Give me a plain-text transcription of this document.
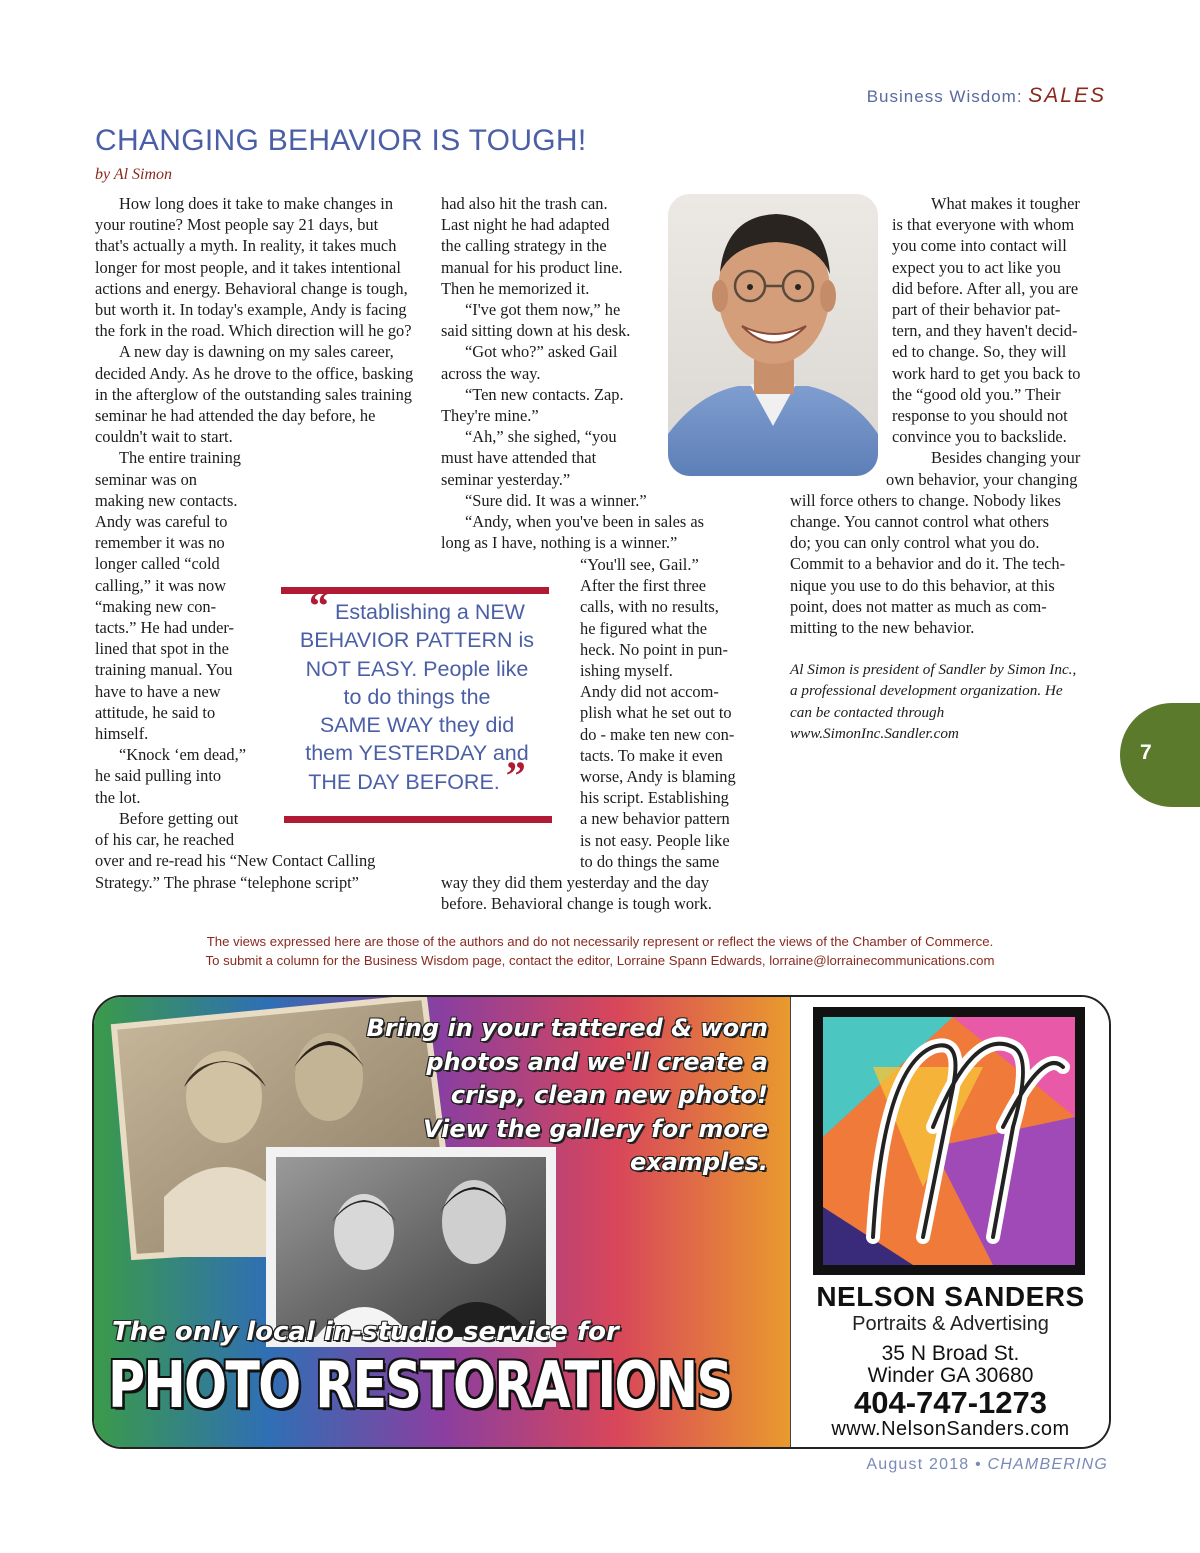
Business Wisdom: SALES
CHANGING BEHAVIOR IS TOUGH!
by Al Simon

How long does it take to make changes in your routine? Most people say 21 days, but that's actually a myth. In reality, it takes much longer for most people, and it takes intentional actions and energy. Behavioral change is tough, but worth it. In today's example, Andy is facing the fork in the road. Which direction will he go?

A new day is dawning on my sales career, decided Andy. As he drove to the office, basking in the afterglow of the outstanding sales training seminar he had attended the day before, he couldn't wait to start.

The entire training seminar was on making new contacts. Andy was careful to remember it was no

longer called “cold
calling,” it was now
“making new con-
tacts.” He had under-
lined that spot in the
training manual. You
have to have a new
attitude, he said to
himself.
“Knock ‘em dead,”
he said pulling into
the lot.
Before getting out
of his car, he reached
over and re-read his “New Contact Calling
Strategy.” The phrase “telephone script”
had also hit the trash can.
Last night he had adapted
the calling strategy in the
manual for his product line.
Then he memorized it.
“I've got them now,” he
said sitting down at his desk.
“Got who?” asked Gail
across the way.
“Ten new contacts. Zap.
They're mine.”
“Ah,” she sighed, “you
must have attended that
seminar yesterday.”
“Sure did. It was a winner.”
“Andy, when you've been in sales as
long as I have, nothing is a winner.”
“You'll see, Gail.”
After the first three
calls, with no results,
he figured what the
heck. No point in pun-
ishing myself.
Andy did not accom-
plish what he set out to
do - make ten new con-
tacts. To make it even
worse, Andy is blaming
his script. Establishing
a new behavior pattern
is not easy. People like
to do things the same
way they did them yesterday and the day
before. Behavioral change is tough work.
What makes it tougher
is that everyone with whom
you come into contact will
expect you to act like you
did before. After all, you are
part of their behavior pat-
tern, and they haven't decid-
ed to change. So, they will
work hard to get you back to
the “good old you.” Their
response to you should not
convince you to backslide.
Besides changing your
own behavior, your changing
will force others to change. Nobody likes
change. You cannot control what others
do; you can only control what you do.
Commit to a behavior and do it. The tech-
nique you use to do this behavior, at this
point, does not matter as much as com-
mitting to the new behavior.
Al Simon is president of Sandler by Simon Inc.,
a professional development organization. He
can be contacted through
www.SimonInc.Sandler.com
“ Establishing a NEW
BEHAVIOR PATTERN is
NOT EASY. People like
to do things the
SAME WAY they did
them YESTERDAY and
THE DAY BEFORE. ”
7
The views expressed here are those of the authors and do not necessarily represent or reflect the views of the Chamber of Commerce.
To submit a column for the Business Wisdom page, contact the editor, Lorraine Spann Edwards, lorraine@lorrainecommunications.com
Bring in your tattered & worn
photos and we'll create a
crisp, clean new photo!
View the gallery for more
examples.
The only local in-studio service for
PHOTO RESTORATIONS
NELSON SANDERS
Portraits & Advertising
35 N Broad St.
Winder GA 30680
404-747-1273
www.NelsonSanders.com
August 2018 • CHAMBERING
